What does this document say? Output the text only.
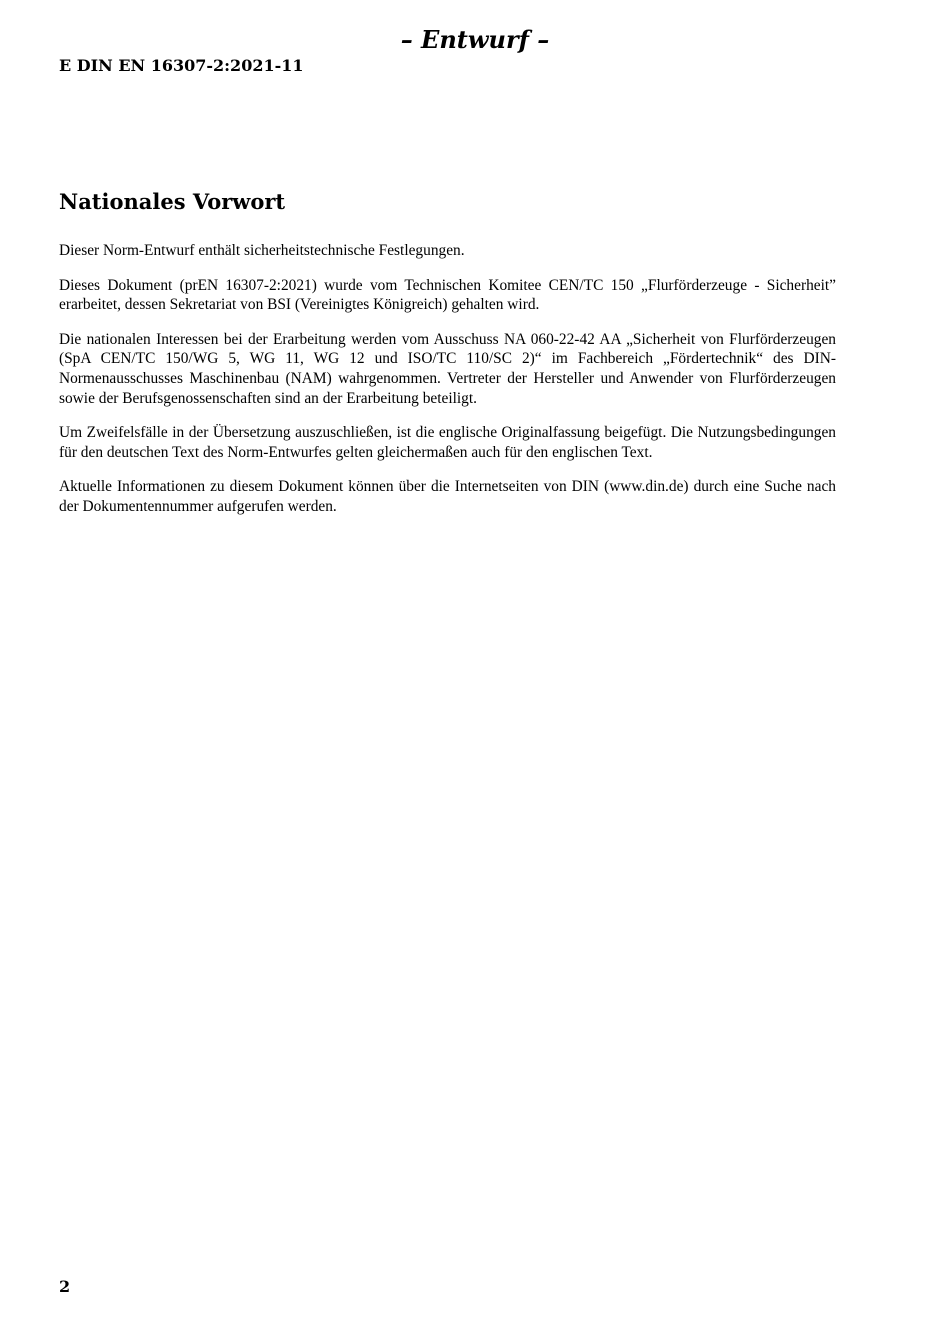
– Entwurf –
E DIN EN 16307-2:2021-11
Nationales Vorwort

Dieser Norm-Entwurf enthält sicherheitstechnische Festlegungen.

Dieses Dokument (prEN 16307-2:2021) wurde vom Technischen Komitee CEN/TC 150 „Flurförderzeuge - Sicherheit” erarbeitet, dessen Sekretariat von BSI (Vereinigtes Königreich) gehalten wird.

Die nationalen Interessen bei der Erarbeitung werden vom Ausschuss NA 060-22-42 AA „Sicherheit von Flurförderzeugen (SpA CEN/TC 150/WG 5, WG 11, WG 12 und ISO/TC 110/SC 2)“ im Fachbereich „Fördertechnik“ des DIN-Normenausschusses Maschinenbau (NAM) wahrgenommen. Vertreter der Hersteller und Anwender von Flurförderzeugen sowie der Berufsgenossenschaften sind an der Erarbeitung beteiligt.

Um Zweifelsfälle in der Übersetzung auszuschließen, ist die englische Originalfassung beigefügt. Die Nutzungsbedingungen für den deutschen Text des Norm-Entwurfes gelten gleichermaßen auch für den englischen Text.

Aktuelle Informationen zu diesem Dokument können über die Internetseiten von DIN (www.din.de) durch eine Suche nach der Dokumentennummer aufgerufen werden.

2
